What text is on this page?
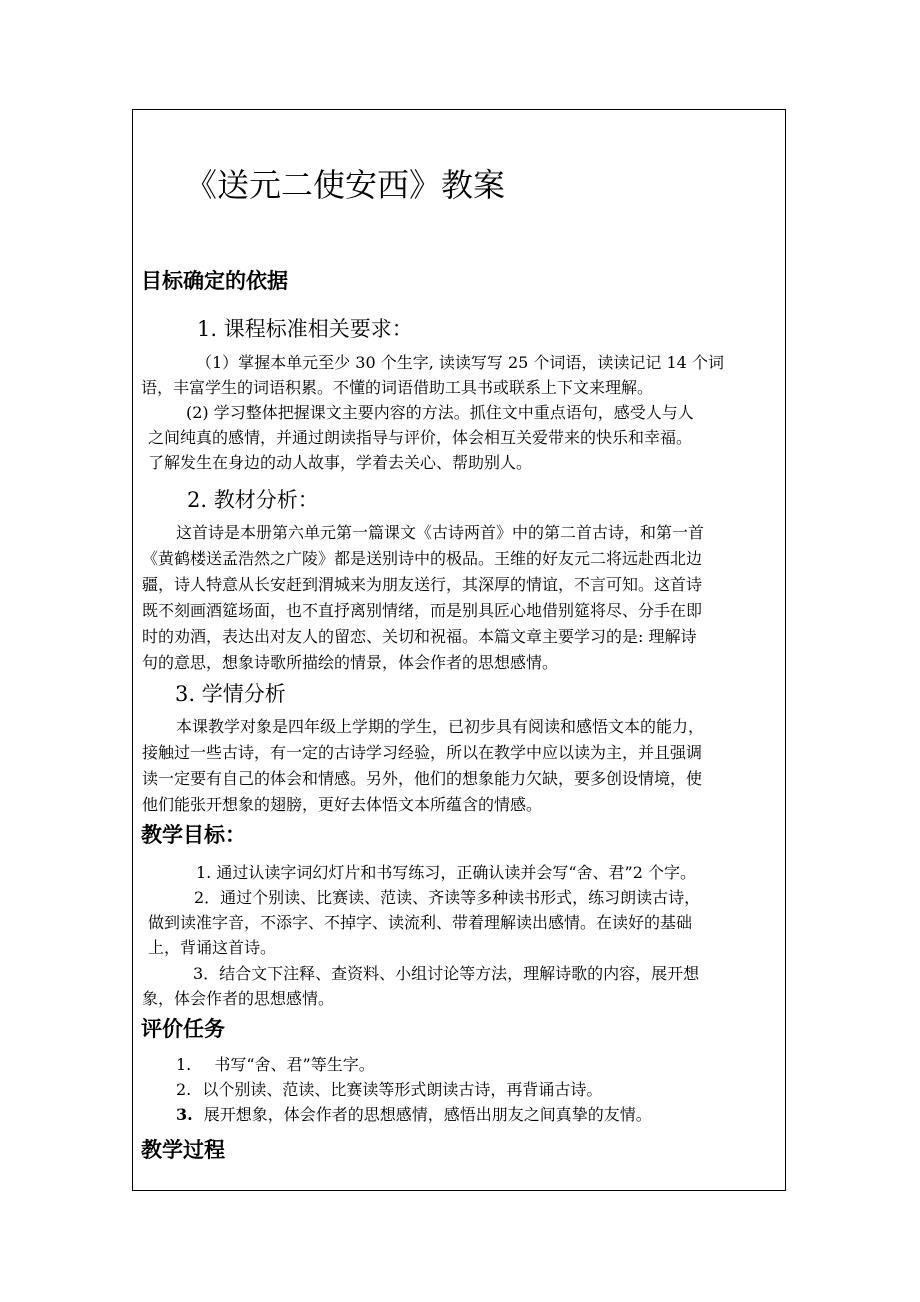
《送元二使安西》教案
目标确定的依据
1. 课程标准相关要求：

（1）掌握本单元至少 30 个生字, 读读写写 25 个词语，读读记记 14 个词

语，丰富学生的词语积累。不懂的词语借助工具书或联系上下文来理解。

(2) 学习整体把握课文主要内容的方法。抓住文中重点语句，感受人与人

之间纯真的感情，并通过朗读指导与评价，体会相互关爱带来的快乐和幸福。

了解发生在身边的动人故事，学着去关心、帮助别人。

2. 教材分析：

这首诗是本册第六单元第一篇课文《古诗两首》中的第二首古诗，和第一首

《黄鹤楼送孟浩然之广陵》都是送别诗中的极品。王维的好友元二将远赴西北边

疆，诗人特意从长安赶到渭城来为朋友送行，其深厚的情谊，不言可知。这首诗

既不刻画酒筵场面，也不直抒离别情绪，而是别具匠心地借别筵将尽、分手在即

时的劝酒，表达出对友人的留恋、关切和祝福。本篇文章主要学习的是: 理解诗

句的意思，想象诗歌所描绘的情景，体会作者的思想感情。

3. 学情分析

本课教学对象是四年级上学期的学生，已初步具有阅读和感悟文本的能力，

接触过一些古诗，有一定的古诗学习经验，所以在教学中应以读为主，并且强调

读一定要有自己的体会和情感。另外，他们的想象能力欠缺，要多创设情境，使

他们能张开想象的翅膀，更好去体悟文本所蕴含的情感。

教学目标：

1. 通过认读字词幻灯片和书写练习，正确认读并会写“舍、君”2 个字。

2．通过个别读、比赛读、范读、齐读等多种读书形式，练习朗读古诗，

做到读准字音，不添字、不掉字、读流利、带着理解读出感情。在读好的基础

上，背诵这首诗。

3．结合文下注释、查资料、小组讨论等方法，理解诗歌的内容，展开想

象，体会作者的思想感情。

评价任务
1. 书写“舍、君”等生字。
2. 以个别读、范读、比赛读等形式朗读古诗，再背诵古诗。
3. 展开想象，体会作者的思想感情，感悟出朋友之间真挚的友情。
教学过程
